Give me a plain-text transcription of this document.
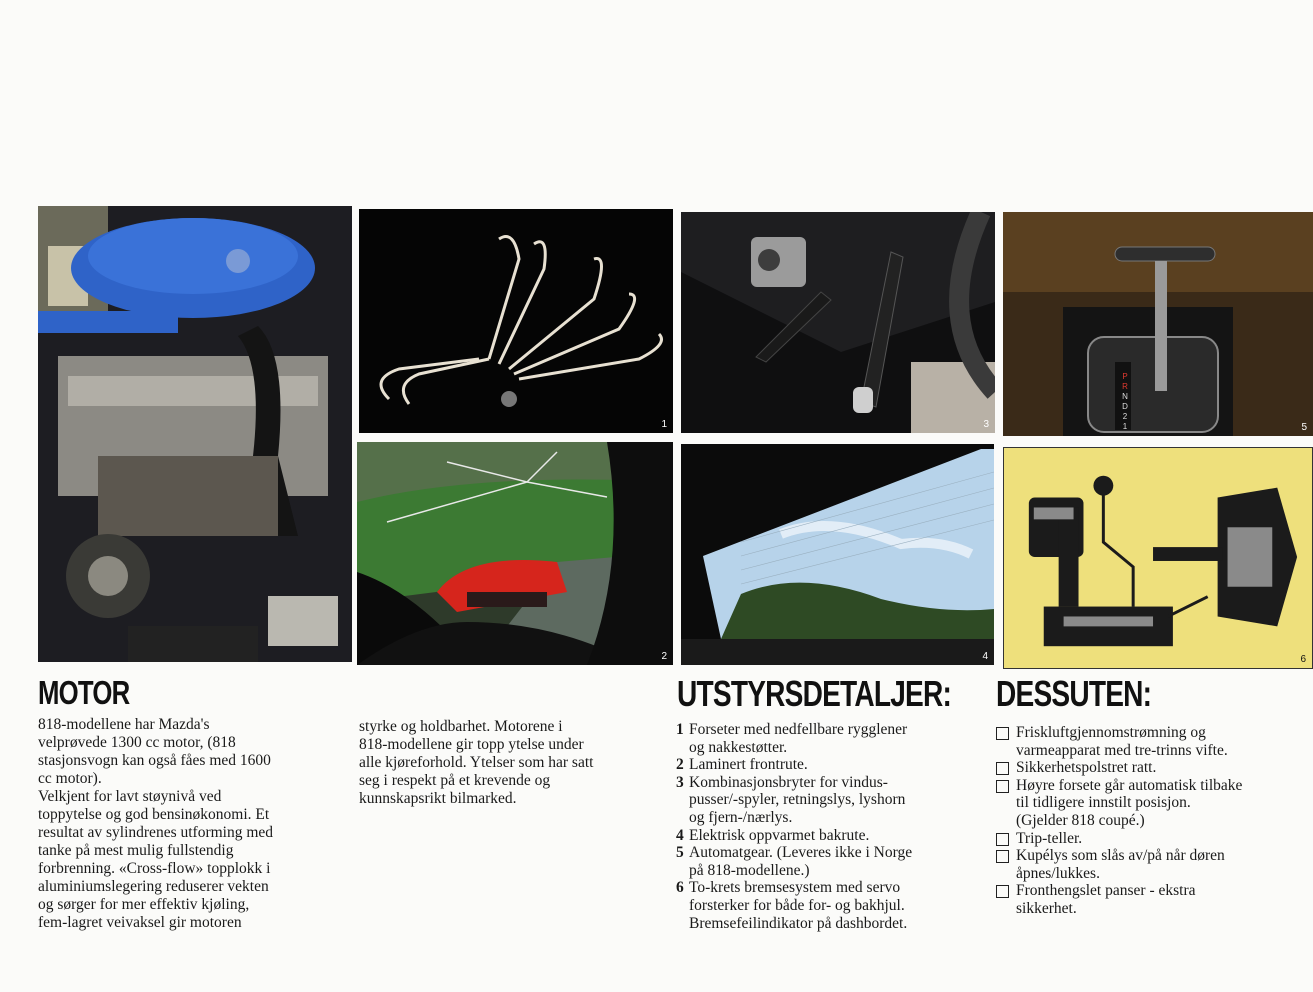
1	3
P
R
N
D
2
1	5
2	4	6
MOTOR

818-modellene har Mazda's
velprøvede 1300 cc motor, (818
stasjonsvogn kan også fåes med 1600
cc motor).
Velkjent for lavt støynivå ved
toppytelse og god bensinøkonomi. Et
resultat av sylindrenes utforming med
tanke på mest mulig fullstendig
forbrenning. «Cross-flow» topplokk i
aluminiumslegering reduserer vekten
og sørger for mer effektiv kjøling,
fem-lagret veivaksel gir motoren

styrke og holdbarhet. Motorene i
818-modellene gir topp ytelse under
alle kjøreforhold. Ytelser som har satt
seg i respekt på et krevende og
kunnskapsrikt bilmarked.

UTSTYRSDETALJER:
1 Forseter med nedfellbare rygglener
og nakkestøtter.
2 Laminert frontrute.
3 Kombinasjonsbryter for vindus-
pusser/-spyler, retningslys, lyshorn
og fjern-/nærlys.
4 Elektrisk oppvarmet bakrute.
5 Automatgear. (Leveres ikke i Norge
på 818-modellene.)
6 To-krets bremsesystem med servo
forsterker for både for- og bakhjul.
Bremsefeilindikator på dashbordet.
DESSUTEN:
Friskluftgjennomstrømning og
varmeapparat med tre-trinns vifte.
Sikkerhetspolstret ratt.
Høyre forsete går automatisk tilbake
til tidligere innstilt posisjon.
(Gjelder 818 coupé.)
Trip-teller.
Kupélys som slås av/på når døren
åpnes/lukkes.
Fronthengslet panser - ekstra
sikkerhet.
